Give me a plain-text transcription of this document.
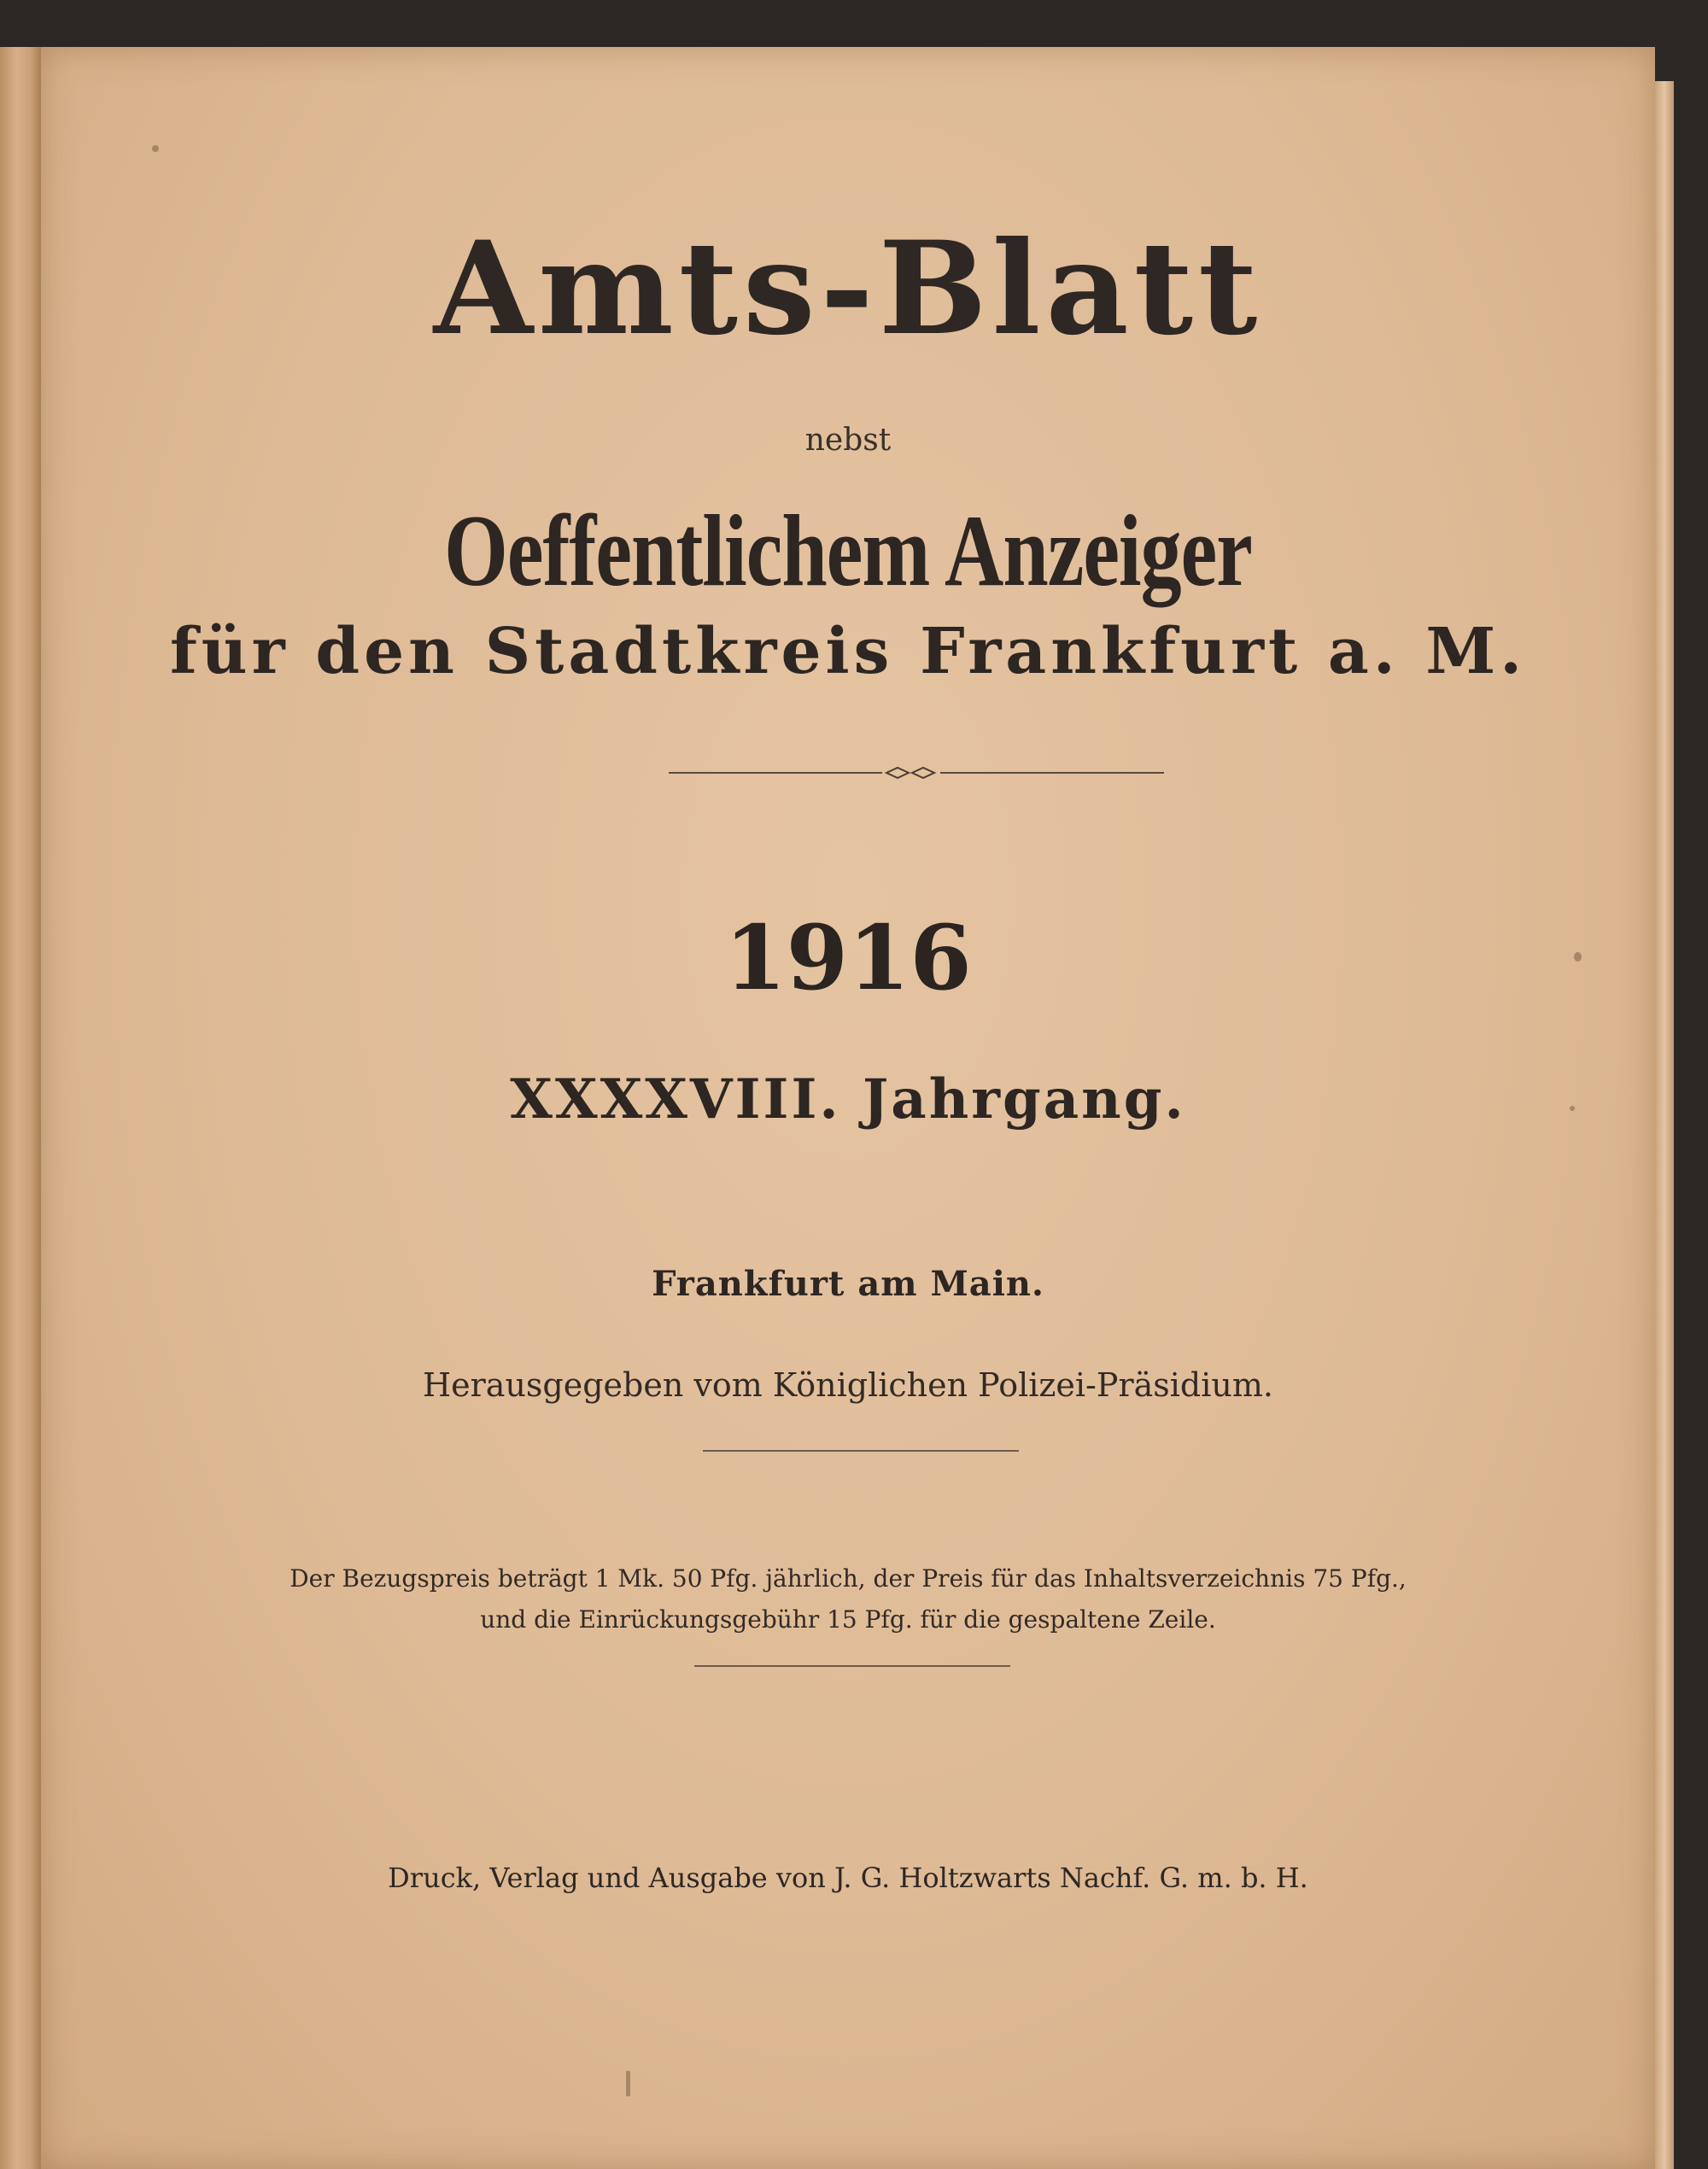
Amts-Blatt
nebst
Oeffentlichem Anzeiger
für den Stadtkreis Frankfurt a. M.
1916
XXXXVIII. Jahrgang.
Frankfurt am Main.
Herausgegeben vom Königlichen Polizei-Präsidium.
Der Bezugspreis beträgt 1 Mk. 50 Pfg. jährlich, der Preis für das Inhaltsverzeichnis 75 Pfg.,
und die Einrückungsgebühr 15 Pfg. für die gespaltene Zeile.
Druck, Verlag und Ausgabe von J. G. Holtzwarts Nachf. G. m. b. H.
